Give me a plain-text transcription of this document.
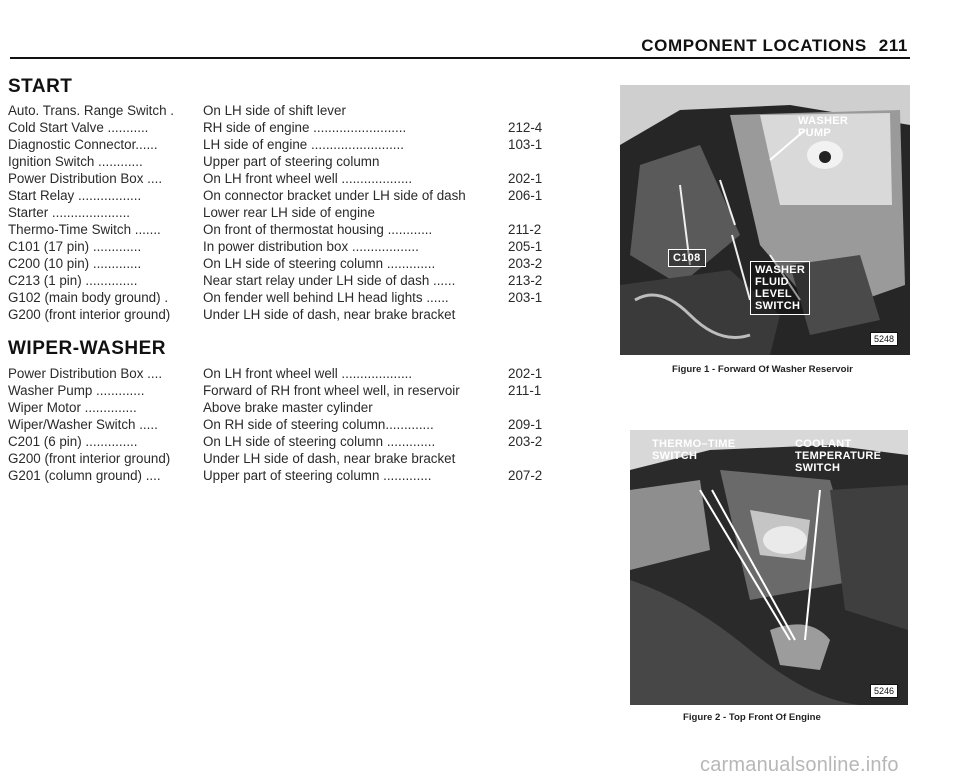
COMPONENT LOCATIONS 211
START
Auto. Trans. Range Switch . On LH side of shift lever
Cold Start Valve ...........	RH side of engine .........................	212-4
Diagnostic Connector......	LH side of engine .........................	103-1
Ignition Switch ............	Upper part of steering column
Power Distribution Box ....	On LH front wheel well ...................	202-1
Start Relay .................	On connector bracket under LH side of dash	206-1
Starter .....................	Lower rear LH side of engine
Thermo-Time Switch .......	On front of thermostat housing ............	211-2
C101 (17 pin) .............	In power distribution box ..................	205-1
C200 (10 pin) .............	On LH side of steering column .............	203-2
C213 (1 pin) ..............	Near start relay under LH side of dash ......	213-2
G102 (main body ground) .	On fender well behind LH head lights ......	203-1
G200 (front interior ground) Under LH side of dash, near brake bracket
WIPER-WASHER
Power Distribution Box ....	On LH front wheel well ...................	202-1
Washer Pump .............	Forward of RH front wheel well, in reservoir	211-1
Wiper Motor ..............	Above brake master cylinder
Wiper/Washer Switch .....	On RH side of steering column.............	209-1
C201 (6 pin) ..............	On LH side of steering column .............	203-2
G200 (front interior ground) Under LH side of dash, near brake bracket
G201 (column ground) ....	Upper part of steering column .............	207-2
WASHER
PUMP
C108
WASHER
FLUID
LEVEL
SWITCH
5248
Figure 1 - Forward Of Washer Reservoir
THERMO–TIME
SWITCH
COOLANT
TEMPERATURE
SWITCH
5246
Figure 2 - Top Front Of Engine
carmanualsonline.info
